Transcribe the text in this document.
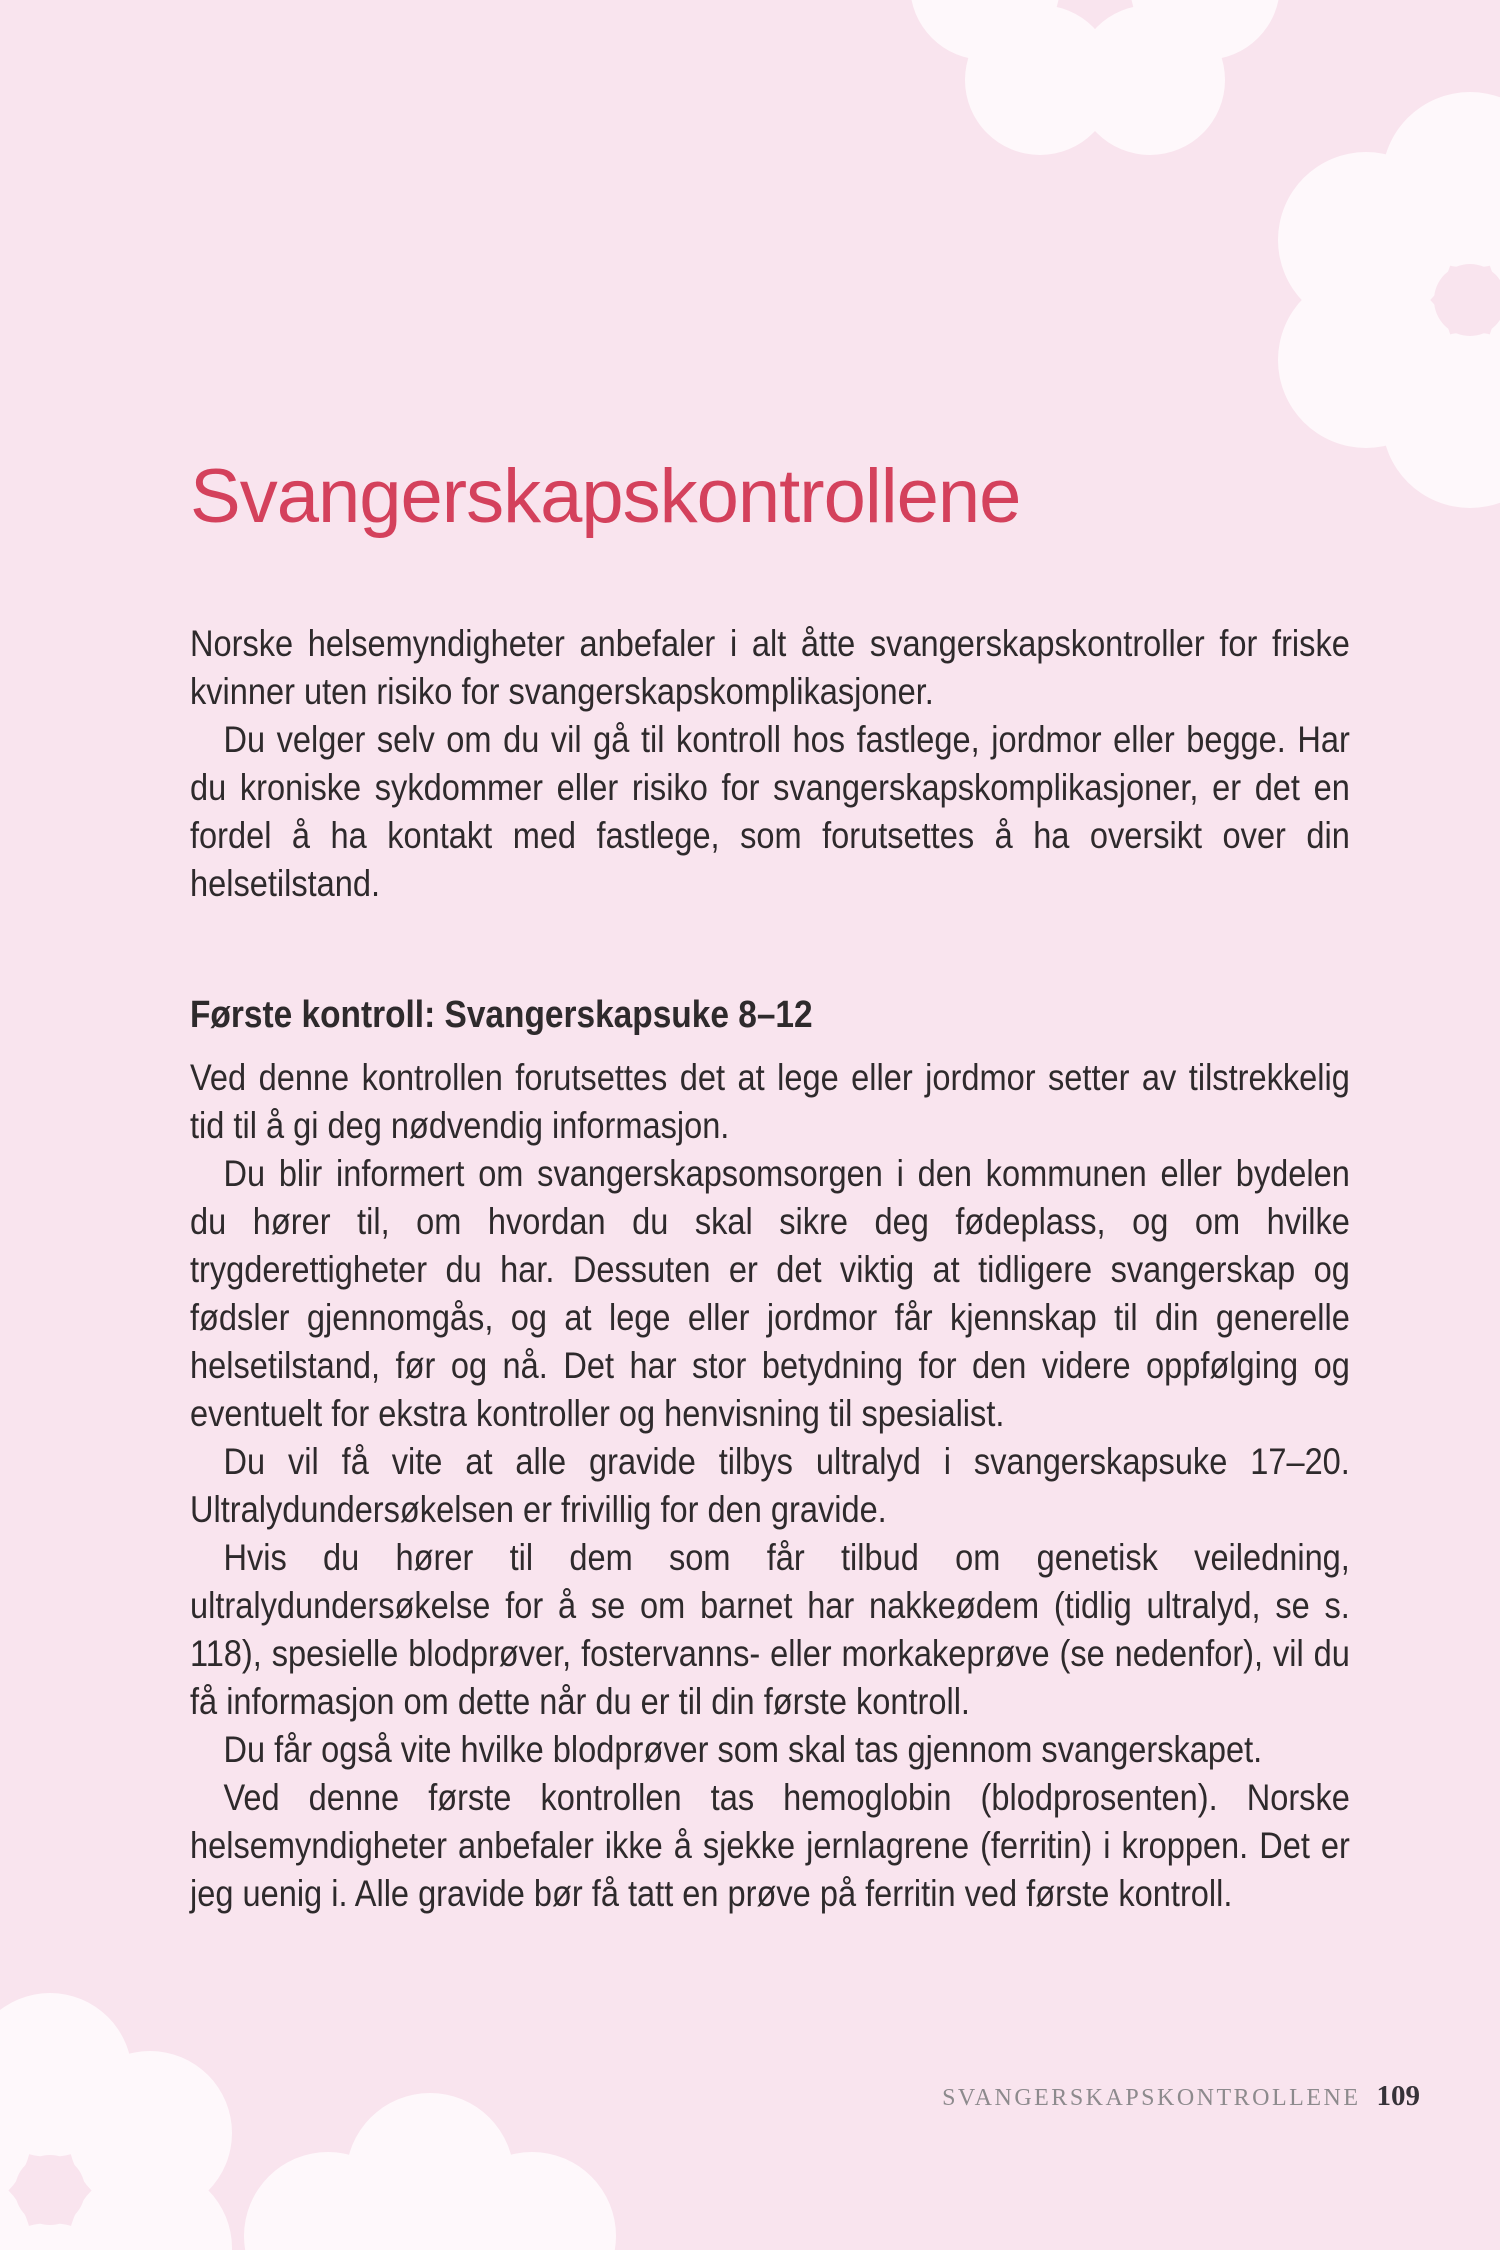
Svangerskapskontrollene

Norske helsemyndigheter anbefaler i alt åtte svangerskapskontroller for friske kvinner uten risiko for svangerskapskomplikasjoner.

Du velger selv om du vil gå til kontroll hos fastlege, jordmor eller begge. Har du kroniske sykdommer eller risiko for svangerskapskomplikasjoner, er det en fordel å ha kontakt med fastlege, som forutsettes å ha oversikt over din helsetilstand.

Første kontroll: Svangerskapsuke 8–12

Ved denne kontrollen forutsettes det at lege eller jordmor setter av tilstrekkelig tid til å gi deg nødvendig informasjon.

Du blir informert om svangerskapsomsorgen i den kommunen eller bydelen du hører til, om hvordan du skal sikre deg fødeplass, og om hvilke trygderettigheter du har. Dessuten er det viktig at tidligere svangerskap og fødsler gjennomgås, og at lege eller jordmor får kjennskap til din generelle helsetilstand, før og nå. Det har stor betydning for den videre oppfølging og eventuelt for ekstra kontroller og henvisning til spesialist.

Du vil få vite at alle gravide tilbys ultralyd i svangerskapsuke 17–20. Ultralydundersøkelsen er frivillig for den gravide.

Hvis du hører til dem som får tilbud om genetisk veiledning, ultralydundersøkelse for å se om barnet har nakkeødem (tidlig ultralyd, se s. 118), spesielle blodprøver, fostervanns- eller morkakeprøve (se nedenfor), vil du få informasjon om dette når du er til din første kontroll.

Du får også vite hvilke blodprøver som skal tas gjennom svangerskapet.

Ved denne første kontrollen tas hemoglobin (blodprosenten). Norske helsemyndigheter anbefaler ikke å sjekke jernlagrene (ferritin) i kroppen. Det er jeg uenig i. Alle gravide bør få tatt en prøve på ferritin ved første kontroll.

SVANGERSKAPSKONTROLLENE 109
